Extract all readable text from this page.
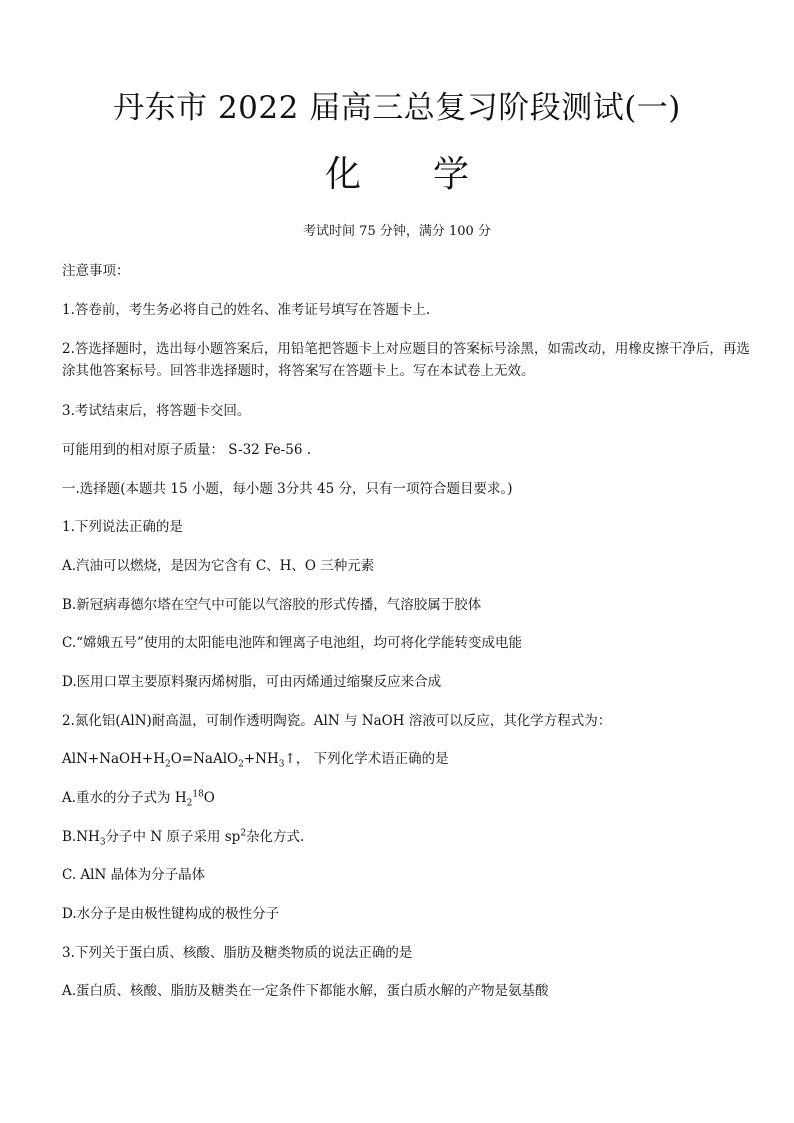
丹东市 2022 届高三总复习阶段测试(一)
化 学
考试时间 75 分钟，满分 100 分
注意事项：
1.答卷前，考生务必将自己的姓名、准考证号填写在答题卡上.
2.答选择题时，选出每小题答案后，用铅笔把答题卡上对应题目的答案标号涂黑，如需改动，用橡皮擦干净后，再选涂其他答案标号。回答非选择题时，将答案写在答题卡上。写在本试卷上无效。
3.考试结束后，将答题卡交回。
可能用到的相对原子质量： S-32 Fe-56 .
一.选择题(本题共 15 小题，每小题 3分共 45 分，只有一项符合题目要求。)
1.下列说法正确的是
A.汽油可以燃烧，是因为它含有 C、H、O 三种元素
B.新冠病毒德尔塔在空气中可能以气溶胶的形式传播，气溶胶属于胶体
C.“嫦娥五号”使用的太阳能电池阵和锂离子电池组，均可将化学能转变成电能
D.医用口罩主要原料聚丙烯树脂，可由丙烯通过缩聚反应来合成
2.氮化铝(AlN)耐高温，可制作透明陶瓷。AlN 与 NaOH 溶液可以反应，其化学方程式为：
$AlN+NaOH+H_2O=NaAlO_2+NH_3↑$， 下列化学术语正确的是
A.重水的分子式为 $H_2^{18}O$
$B.NH_3$分子中 N 原子采用 $sp^2$杂化方式.
C. AlN 晶体为分子晶体
D.水分子是由极性键构成的极性分子
3.下列关于蛋白质、核酸、脂肪及糖类物质的说法正确的是
A.蛋白质、核酸、脂肪及糖类在一定条件下都能水解，蛋白质水解的产物是氨基酸
